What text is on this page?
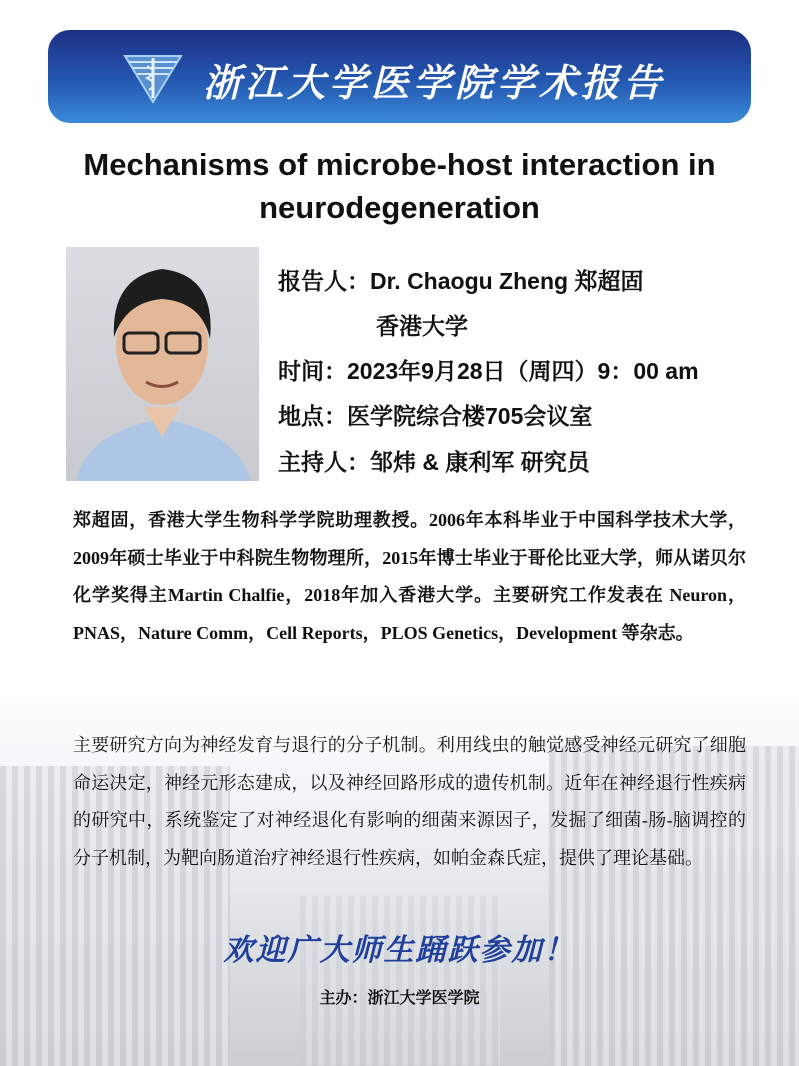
浙江大学医学院学术报告
Mechanisms of microbe-host interaction in
neurodegeneration
报告人：Dr. Chaogu Zheng 郑超固
香港大学
时间：2023年9月28日（周四）9：00 am
地点：医学院综合楼705会议室
主持人：邹炜 & 康利军 研究员
郑超固，香港大学生物科学学院助理教授。2006年本科毕业于中国科学技术大学，2009年硕士毕业于中科院生物物理所，2015年博士毕业于哥伦比亚大学，师从诺贝尔化学奖得主Martin Chalfie，2018年加入香港大学。主要研究工作发表在 Neuron，PNAS，Nature Comm，Cell Reports，PLOS Genetics，Development 等杂志。
主要研究方向为神经发育与退行的分子机制。利用线虫的触觉感受神经元研究了细胞命运决定，神经元形态建成，以及神经回路形成的遗传机制。近年在神经退行性疾病的研究中，系统鉴定了对神经退化有影响的细菌来源因子，发掘了细菌-肠-脑调控的分子机制，为靶向肠道治疗神经退行性疾病，如帕金森氏症，提供了理论基础。
欢迎广大师生踊跃参加！
主办：浙江大学医学院
